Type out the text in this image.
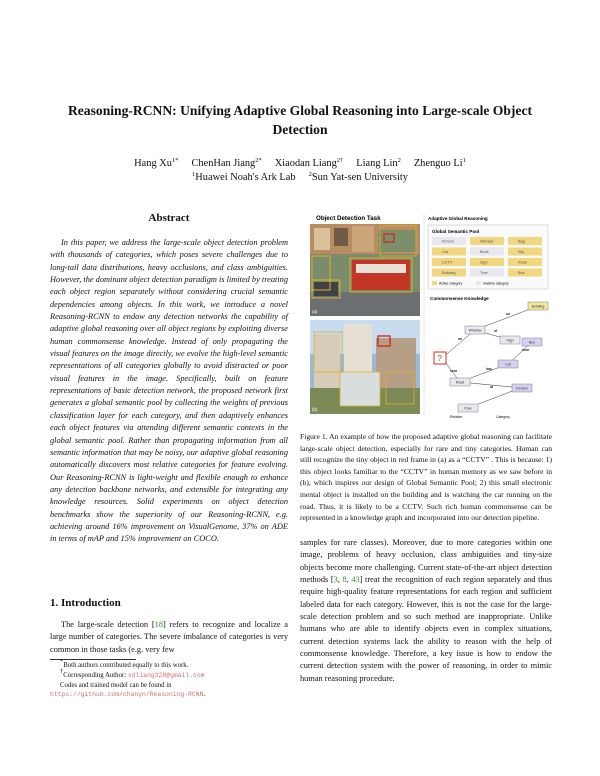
Reasoning-RCNN: Unifying Adaptive Global Reasoning into Large-scale Object Detection
Hang $Xu^{1*}$ ChenHan Jiang$^{2*}$ Xiaodan Liang$^{2\dagger}$ Liang Lin$^2$ Zhenguo Li$^1$
$^1$Huawei Noah's Ark Lab $^2$Sun Yat-sen University
Abstract
In this paper, we address the large-scale object detection problem with thousands of categories, which poses severe challenges due to long-tail data distributions, heavy occlusions, and class ambiguities. However, the dominant object detection paradigm is limited by treating each object region separately without considering crucial semantic dependencies among objects. In this work, we introduce a novel Reasoning-RCNN to endow any detection networks the capability of adaptive global reasoning over all object regions by exploiting diverse human commonsense knowledge. Instead of only propagating the visual features on the image directly, we evolve the high-level semantic representations of all categories globally to avoid distracted or poor visual features in the image. Specifically, built on feature representations of basic detection network, the proposed network first generates a global semantic pool by collecting the weights of previous classification layer for each category, and then adaptively enhances each object features via attending different semantic contexts in the global semantic pool. Rather than propagating information from all semantic information that may be noisy, our adaptive global reasoning automatically discovers most relative categories for feature evolving. Our Reasoning-RCNN is light-weight and flexible enough to enhance any detection backbone networks, and extensible for integrating any knowledge resources. Solid experiments on object detection benchmarks show the superiority of our Reasoning-RCNN, e.g. achieving around 16% improvement on VisualGenome, 37% on ADE in terms of mAP and 15% improvement on COCO.
1. Introduction
The large-scale detection [18] refers to recognize and localize a large number of categories. The severe imbalance of categories is very common in those tasks (e.g. very few
*Both authors contributed equally to this work.
†Corresponding Author: xdliang328@gmail.com
Codes and trained model can be found in https://github.com/chanyn/Reasoning-RCNN.
Object Detection Task	Adaptive Global Reasoning
(a)
(b)
Global Semantic Pool
Person	Window	Bag
Car	Book	Sky
CCTV	Sign	Road
Building	Tree	Bus
Active category	Inactive category
Commonsense Knowledge
Window
Building
Sign	Bus
Car
Road
Person
Pole
on
near
of
has
at
near
on
?
Relation	Category
Figure 1. An example of how the proposed adaptive global reasoning can facilitate large-scale object detection, especially for rare and tiny categories. Human can still recognize the tiny object in red frame in (a) as a “CCTV” . This is because: 1) this object looks familiar to the “CCTV” in human memory as we saw before in (b), which inspires our design of Global Semantic Pool; 2) this small electronic mental object is installed on the building and is watching the car running on the road. Thus, it is likely to be a CCTV. Such rich human commonsense can be represented in a knowledge graph and incorporated into our detection pipeline.
samples for rare classes). Moreover, due to more categories within one image, problems of heavy occlusion, class ambiguities and tiny-size objects become more challenging. Current state-of-the-art object detection methods [3, 8, 43] treat the recognition of each region separately and thus require high-quality feature representations for each region and sufficient labeled data for each category. However, this is not the case for the large-scale detection problem and so such method are inappropriate. Unlike humans who are able to identify objects even in complex situations, current detection systems lack the ability to reason with the help of commonsense knowledge. Therefore, a key issue is how to endow the current detection system with the power of reasoning, in order to mimic human reasoning procedure.
